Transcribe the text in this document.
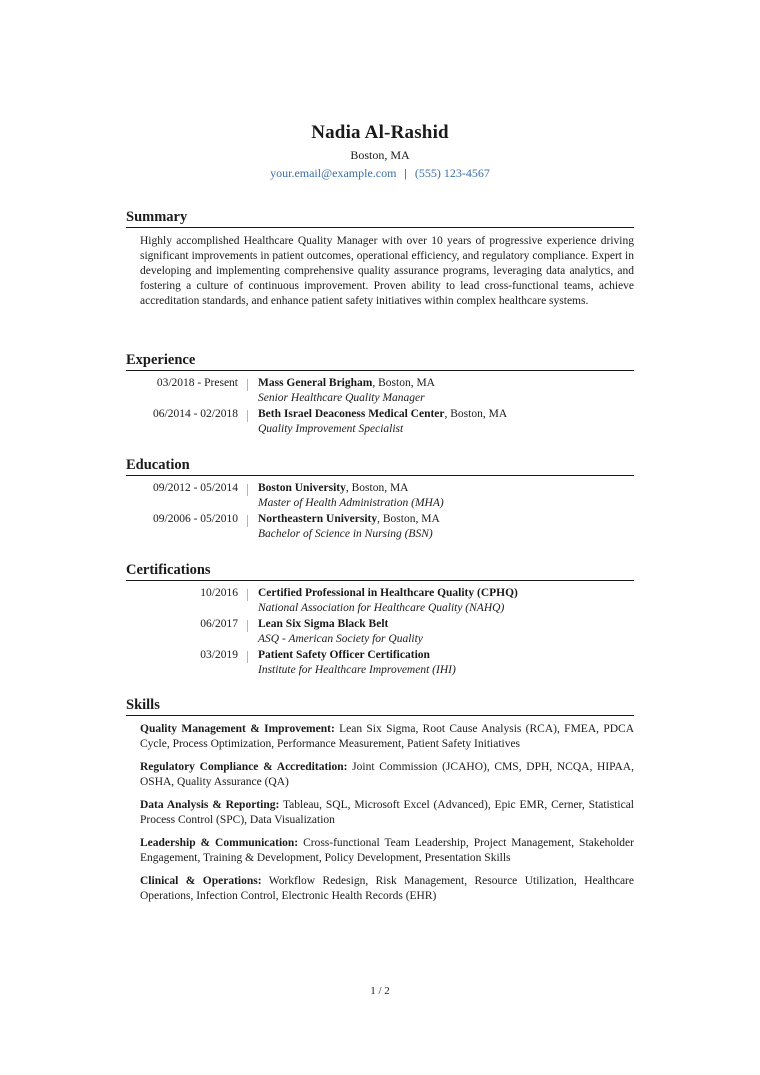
Nadia Al-Rashid
Boston, MA
your.email@example.com | (555) 123-4567
Summary
Highly accomplished Healthcare Quality Manager with over 10 years of progressive experience driving significant improvements in patient outcomes, operational efficiency, and regulatory compliance. Expert in developing and implementing comprehensive quality assurance programs, leveraging data analytics, and fostering a culture of continuous improvement. Proven ability to lead cross-functional teams, achieve accreditation standards, and enhance patient safety initiatives within complex healthcare systems.
Experience
03/2018 - Present Mass General Brigham, Boston, MA
Senior Healthcare Quality Manager
06/2014 - 02/2018 Beth Israel Deaconess Medical Center, Boston, MA
Quality Improvement Specialist
Education
09/2012 - 05/2014 Boston University, Boston, MA
Master of Health Administration (MHA)
09/2006 - 05/2010 Northeastern University, Boston, MA
Bachelor of Science in Nursing (BSN)
Certifications
10/2016 Certified Professional in Healthcare Quality (CPHQ)
National Association for Healthcare Quality (NAHQ)
06/2017 Lean Six Sigma Black Belt
ASQ - American Society for Quality
03/2019 Patient Safety Officer Certification
Institute for Healthcare Improvement (IHI)
Skills
Quality Management & Improvement: Lean Six Sigma, Root Cause Analysis (RCA), FMEA, PDCA Cycle, Process Optimization, Performance Measurement, Patient Safety Initiatives
Regulatory Compliance & Accreditation: Joint Commission (JCAHO), CMS, DPH, NCQA, HIPAA, OSHA, Quality Assurance (QA)
Data Analysis & Reporting: Tableau, SQL, Microsoft Excel (Advanced), Epic EMR, Cerner, Statistical Process Control (SPC), Data Visualization
Leadership & Communication: Cross-functional Team Leadership, Project Management, Stakeholder Engagement, Training & Development, Policy Development, Presentation Skills
Clinical & Operations: Workflow Redesign, Risk Management, Resource Utilization, Healthcare Operations, Infection Control, Electronic Health Records (EHR)
1 / 2
